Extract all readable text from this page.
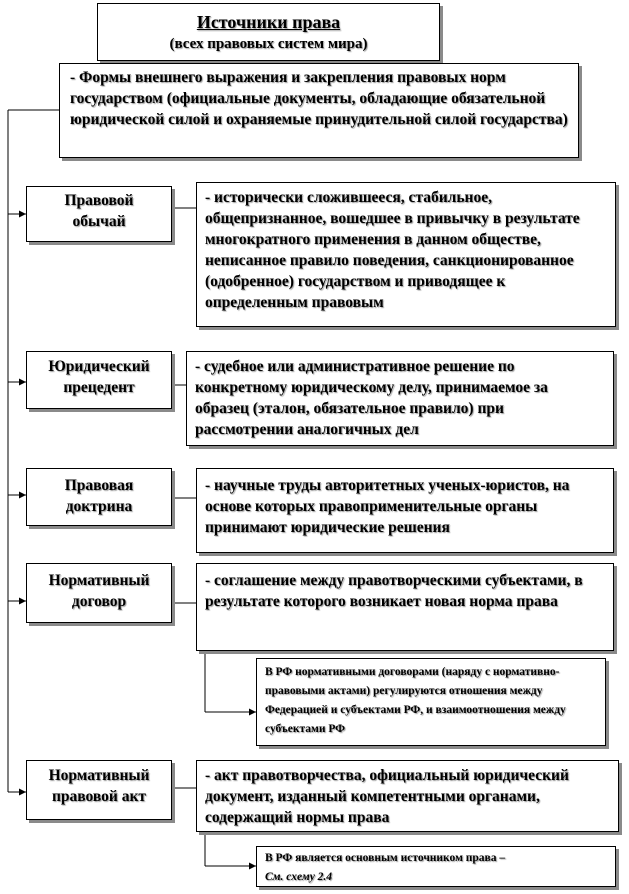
Источники права
(всех правовых систем мира)
- Формы внешнего выражения и закрепления правовых норм государством (официальные документы, обладающие обязательной юридической силой и охраняемые принудительной силой государства)
Правовой обычай
- исторически сложившееся, стабильное, общепризнанное, вошедшее в привычку в результате многократного применения в данном обществе, неписанное правило поведения, санкционированное (одобренное) государством и приводящее к определенным правовым
Юридический прецедент
- судебное или административное решение по конкретному юридическому делу, принимаемое за образец (эталон, обязательное правило) при рассмотрении аналогичных дел
Правовая доктрина
- научные труды авторитетных ученых-юристов, на основе которых правоприменительные органы принимают юридические решения
Нормативный договор
- соглашение между правотворческими субъектами, в результате которого возникает новая норма права
В РФ нормативными договорами (наряду с нормативно-правовыми актами) регулируются отношения между Федерацией и субъектами РФ, и взаимоотношения между субъектами РФ
Нормативный правовой акт
- акт правотворчества, официальный юридический документ, изданный компетентными органами, содержащий нормы права
В РФ является основным источником права –
См. схему 2.4
